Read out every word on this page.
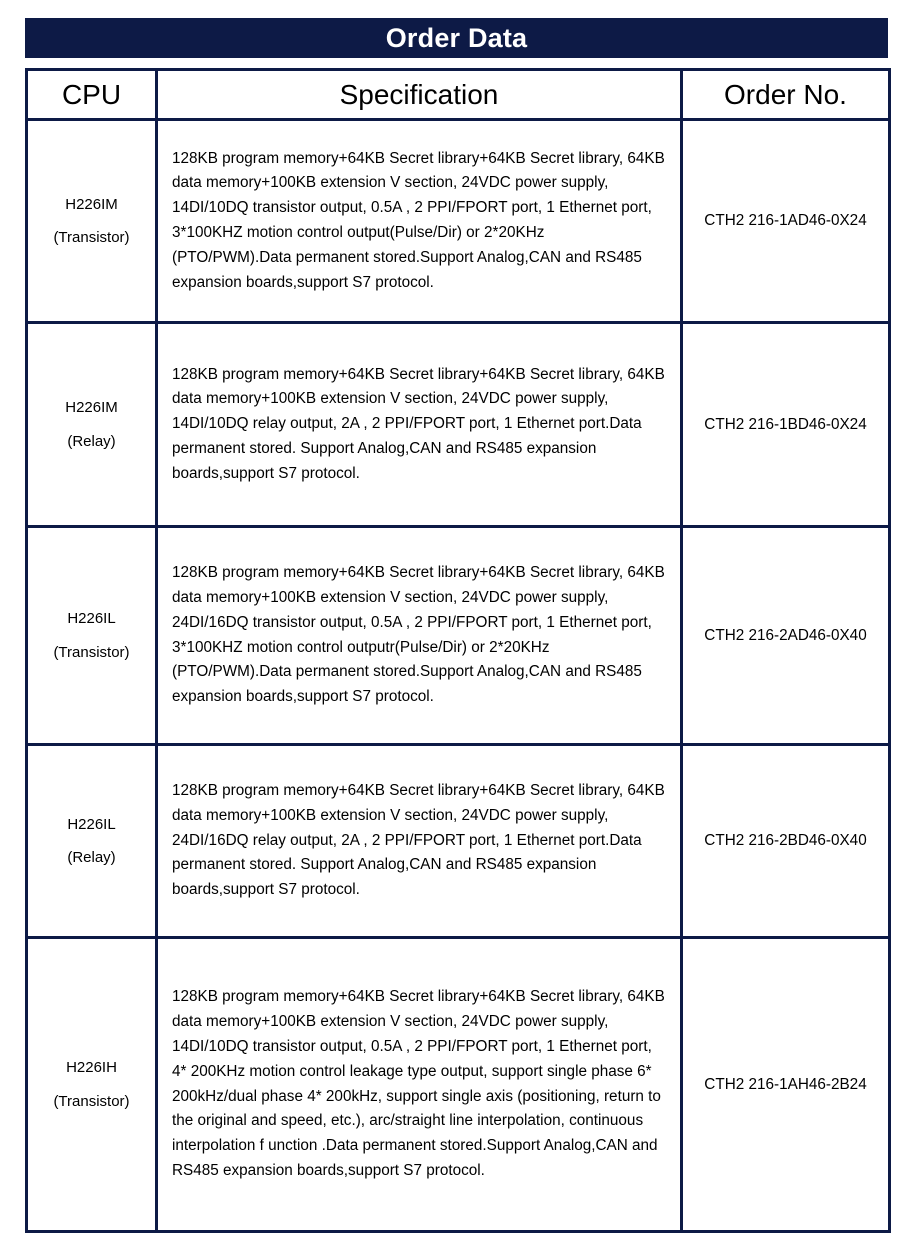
Order Data
CPU	Specification	Order No.

H226IM
(Transistor)	128KB program memory+64KB Secret library+64KB Secret library, 64KB data memory+100KB extension V section, 24VDC power supply, 14DI/10DQ transistor output, 0.5A , 2 PPI/FPORT port, 1 Ethernet port, 3*100KHZ motion control output(Pulse/Dir) or 2*20KHz (PTO/PWM).Data permanent stored.Support Analog,CAN and RS485 expansion boards,support S7 protocol.	CTH2 216-1AD46-0X24

H226IM
(Relay)	128KB program memory+64KB Secret library+64KB Secret library, 64KB data memory+100KB extension V section, 24VDC power supply, 14DI/10DQ relay output, 2A , 2 PPI/FPORT port, 1 Ethernet port.Data permanent stored. Support Analog,CAN and RS485 expansion boards,support S7 protocol.	CTH2 216-1BD46-0X24

H226IL
(Transistor)	128KB program memory+64KB Secret library+64KB Secret library, 64KB data memory+100KB extension V section, 24VDC power supply, 24DI/16DQ transistor output, 0.5A , 2 PPI/FPORT port, 1 Ethernet port, 3*100KHZ motion control outputr(Pulse/Dir) or 2*20KHz (PTO/PWM).Data permanent stored.Support Analog,CAN and RS485 expansion boards,support S7 protocol.	CTH2 216-2AD46-0X40

H226IL
(Relay)	128KB program memory+64KB Secret library+64KB Secret library, 64KB data memory+100KB extension V section, 24VDC power supply, 24DI/16DQ relay output, 2A , 2 PPI/FPORT port, 1 Ethernet port.Data permanent stored. Support Analog,CAN and RS485 expansion boards,support S7 protocol.	CTH2 216-2BD46-0X40

H226IH
(Transistor)	128KB program memory+64KB Secret library+64KB Secret library, 64KB data memory+100KB extension V section, 24VDC power supply, 14DI/10DQ transistor output, 0.5A , 2 PPI/FPORT port, 1 Ethernet port, 4* 200KHz motion control leakage type output, support single phase 6* 200kHz/dual phase 4* 200kHz, support single axis (positioning, return to the original and speed, etc.), arc/straight line interpolation, continuous interpolation f unction .Data permanent stored.Support Analog,CAN and RS485 expansion boards,support S7 protocol.	CTH2 216-1AH46-2B24
